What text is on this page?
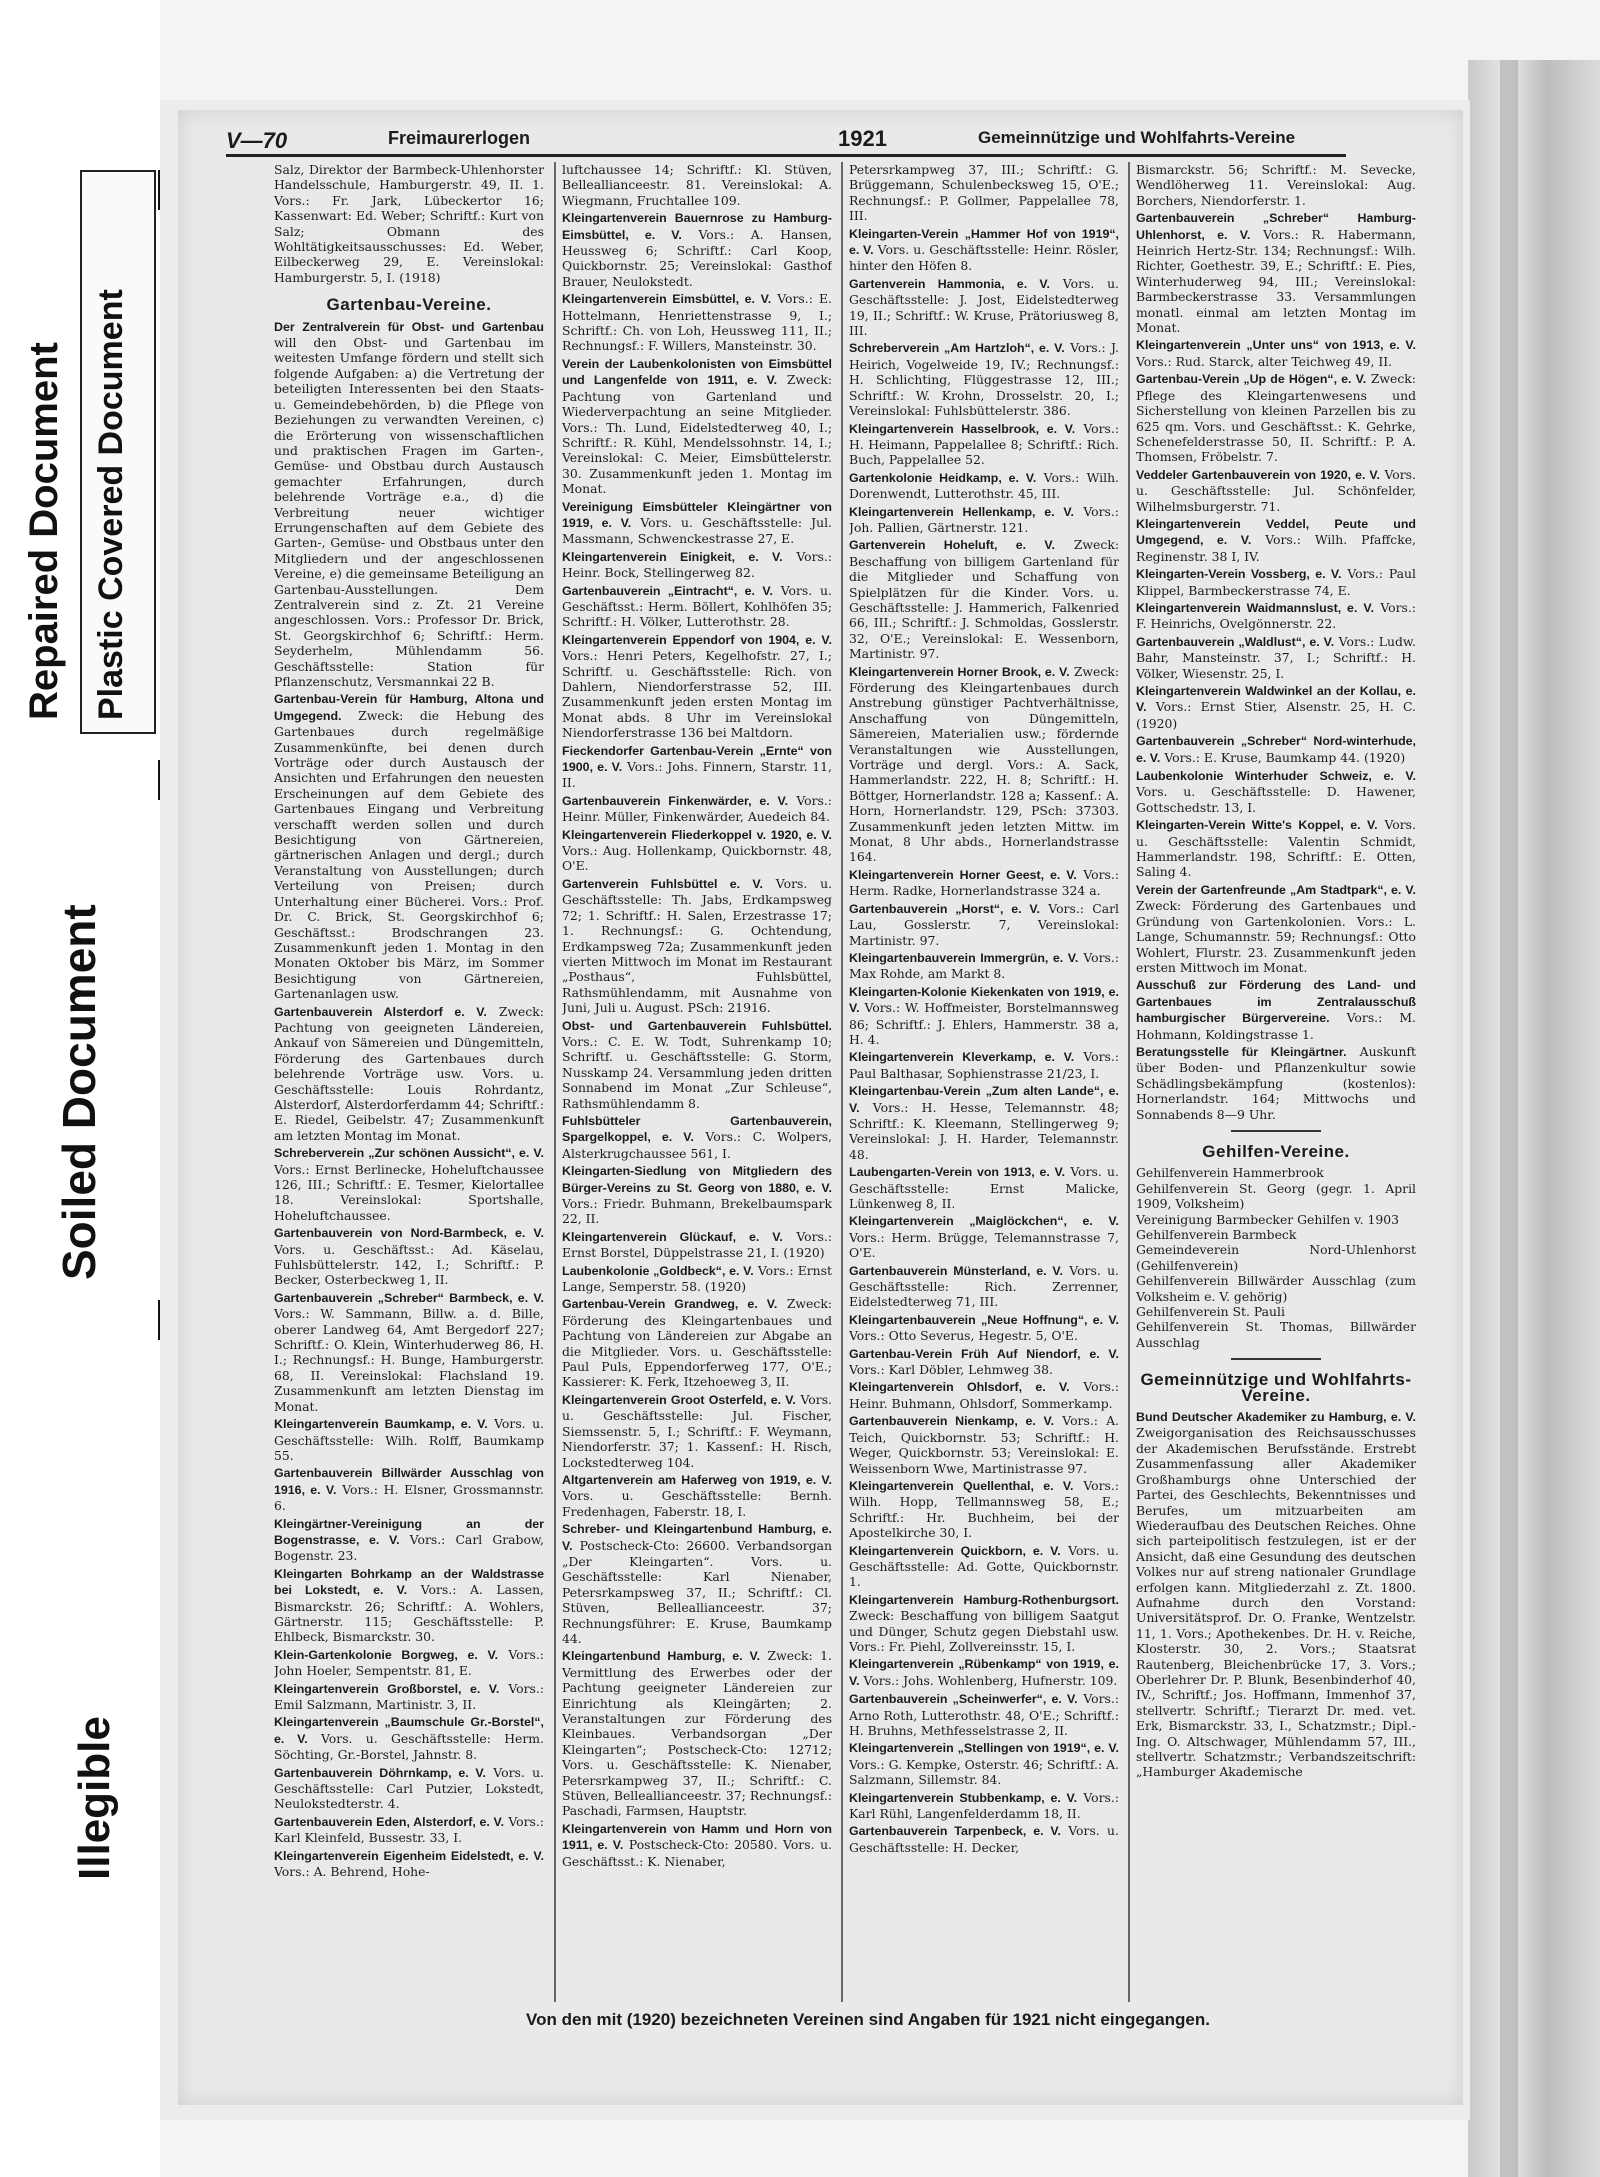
Repaired Document Plastic Covered Document
Soiled Document
Illegible
V—70	Freimaurerlogen	1921	Gemeinnützige und Wohlfahrts-Vereine

Salz, Direktor der Barmbeck-Uhlenhorster Handelsschule, Hamburgerstr. 49, II. 1. Vors.: Fr. Jark, Lübeckertor 16; Kassenwart: Ed. Weber; Schriftf.: Kurt von Salz; Obmann des Wohltätigkeitsausschusses: Ed. Weber, Eilbeckerweg 29, E. Vereinslokal: Hamburgerstr. 5, I. (1918)

Gartenbau-Vereine.

Der Zentralverein für Obst- und Gartenbau will den Obst- und Gartenbau im weitesten Umfange fördern und stellt sich folgende Aufgaben: a) die Vertretung der beteiligten Interessenten bei den Staats- u. Gemeindebehörden, b) die Pflege von Beziehungen zu verwandten Vereinen, c) die Erörterung von wissenschaftlichen und praktischen Fragen im Garten-, Gemüse- und Obstbau durch Austausch gemachter Erfahrungen, durch belehrende Vorträge e.a., d) die Verbreitung neuer wichtiger Errungenschaften auf dem Gebiete des Garten-, Gemüse- und Obstbaus unter den Mitgliedern und der angeschlossenen Vereine, e) die gemeinsame Beteiligung an Gartenbau-Ausstellungen. Dem Zentralverein sind z. Zt. 21 Vereine angeschlossen. Vors.: Professor Dr. Brick, St. Georgskirchhof 6; Schriftf.: Herm. Seyderhelm, Mühlendamm 56. Geschäftsstelle: Station für Pflanzenschutz, Versmannkai 22 B.

Gartenbau-Verein für Hamburg, Altona und Umgegend. Zweck: die Hebung des Gartenbaues durch regelmäßige Zusammenkünfte, bei denen durch Vorträge oder durch Austausch der Ansichten und Erfahrungen den neuesten Erscheinungen auf dem Gebiete des Gartenbaues Eingang und Verbreitung verschafft werden sollen und durch Besichtigung von Gärtnereien, gärtnerischen Anlagen und dergl.; durch Veranstaltung von Ausstellungen; durch Verteilung von Preisen; durch Unterhaltung einer Bücherei. Vors.: Prof. Dr. C. Brick, St. Georgskirchhof 6; Geschäftsst.: Brodschrangen 23. Zusammenkunft jeden 1. Montag in den Monaten Oktober bis März, im Sommer Besichtigung von Gärtnereien, Gartenanlagen usw.

Gartenbauverein Alsterdorf e. V. Zweck: Pachtung von geeigneten Ländereien, Ankauf von Sämereien und Düngemitteln, Förderung des Gartenbaues durch belehrende Vorträge usw. Vors. u. Geschäftsstelle: Louis Rohrdantz, Alsterdorf, Alsterdorferdamm 44; Schriftf.: E. Riedel, Geibelstr. 47; Zusammenkunft am letzten Montag im Monat.

Schreberverein „Zur schönen Aussicht“, e. V. Vors.: Ernst Berlinecke, Hoheluftchaussee 126, III.; Schriftf.: E. Tesmer, Kielortallee 18. Vereinslokal: Sportshalle, Hoheluftchaussee.

Gartenbauverein von Nord-Barmbeck, e. V. Vors. u. Geschäftsst.: Ad. Käselau, Fuhlsbüttelerstr. 142, I.; Schriftf.: P. Becker, Osterbeckweg 1, II.

Gartenbauverein „Schreber“ Barmbeck, e. V. Vors.: W. Sammann, Billw. a. d. Bille, oberer Landweg 64, Amt Bergedorf 227; Schriftf.: O. Klein, Winterhuderweg 86, H. I.; Rechnungsf.: H. Bunge, Hamburgerstr. 68, II. Vereinslokal: Flachsland 19. Zusammenkunft am letzten Dienstag im Monat.

Kleingartenverein Baumkamp, e. V. Vors. u. Geschäftsstelle: Wilh. Rolff, Baumkamp 55.

Gartenbauverein Billwärder Ausschlag von 1916, e. V. Vors.: H. Elsner, Grossmannstr. 6.

Kleingärtner-Vereinigung an der Bogenstrasse, e. V. Vors.: Carl Grabow, Bogenstr. 23.

Kleingarten Bohrkamp an der Waldstrasse bei Lokstedt, e. V. Vors.: A. Lassen, Bismarckstr. 26; Schriftf.: A. Wohlers, Gärtnerstr. 115; Geschäftsstelle: P. Ehlbeck, Bismarckstr. 30.

Klein-Gartenkolonie Borgweg, e. V. Vors.: John Hoeler, Sempentstr. 81, E.

Kleingartenverein Großborstel, e. V. Vors.: Emil Salzmann, Martinistr. 3, II.

Kleingartenverein „Baumschule Gr.-Borstel“, e. V. Vors. u. Geschäftsstelle: Herm. Söchting, Gr.-Borstel, Jahnstr. 8.

Gartenbauverein Döhrnkamp, e. V. Vors. u. Geschäftsstelle: Carl Putzier, Lokstedt, Neulokstedterstr. 4.

Gartenbauverein Eden, Alsterdorf, e. V. Vors.: Karl Kleinfeld, Bussestr. 33, I.

Kleingartenverein Eigenheim Eidelstedt, e. V. Vors.: A. Behrend, Hohe-

luftchaussee 14; Schriftf.: Kl. Stüven, Belleallianceestr. 81. Vereinslokal: A. Wiegmann, Fruchtallee 109.

Kleingartenverein Bauernrose zu Hamburg-Eimsbüttel, e. V. Vors.: A. Hansen, Heussweg 6; Schriftf.: Carl Koop, Quickbornstr. 25; Vereinslokal: Gasthof Brauer, Neulokstedt.

Kleingartenverein Eimsbüttel, e. V. Vors.: E. Hottelmann, Henriettenstrasse 9, I.; Schriftf.: Ch. von Loh, Heussweg 111, II.; Rechnungsf.: F. Willers, Mansteinstr. 30.

Verein der Laubenkolonisten von Eimsbüttel und Langenfelde von 1911, e. V. Zweck: Pachtung von Gartenland und Wiederverpachtung an seine Mitglieder. Vors.: Th. Lund, Eidelstedterweg 40, I.; Schriftf.: R. Kühl, Mendelssohnstr. 14, I.; Vereinslokal: C. Meier, Eimsbüttelerstr. 30. Zusammenkunft jeden 1. Montag im Monat.

Vereinigung Eimsbütteler Kleingärtner von 1919, e. V. Vors. u. Geschäftsstelle: Jul. Massmann, Schwenckestrasse 27, E.

Kleingartenverein Einigkeit, e. V. Vors.: Heinr. Bock, Stellingerweg 82.

Gartenbauverein „Eintracht“, e. V. Vors. u. Geschäftsst.: Herm. Böllert, Kohlhöfen 35; Schriftf.: H. Völker, Lutterothstr. 28.

Kleingartenverein Eppendorf von 1904, e. V. Vors.: Henri Peters, Kegelhofstr. 27, I.; Schriftf. u. Geschäftsstelle: Rich. von Dahlern, Niendorferstrasse 52, III. Zusammenkunft jeden ersten Montag im Monat abds. 8 Uhr im Vereinslokal Niendorferstrasse 136 bei Maltdorn.

Fieckendorfer Gartenbau-Verein „Ernte“ von 1900, e. V. Vors.: Johs. Finnern, Starstr. 11, II.

Gartenbauverein Finkenwärder, e. V. Vors.: Heinr. Müller, Finkenwärder, Auedeich 84.

Kleingartenverein Fliederkoppel v. 1920, e. V. Vors.: Aug. Hollenkamp, Quickbornstr. 48, O'E.

Gartenverein Fuhlsbüttel e. V. Vors. u. Geschäftsstelle: Th. Jabs, Erdkampsweg 72; 1. Schriftf.: H. Salen, Erzestrasse 17; 1. Rechnungsf.: G. Ochtendung, Erdkampsweg 72a; Zusammenkunft jeden vierten Mittwoch im Monat im Restaurant „Posthaus“, Fuhlsbüttel, Rathsmühlendamm, mit Ausnahme von Juni, Juli u. August. PSch: 21916.

Obst- und Gartenbauverein Fuhlsbüttel. Vors.: C. E. W. Todt, Suhrenkamp 10; Schriftf. u. Geschäftsstelle: G. Storm, Nusskamp 24. Versammlung jeden dritten Sonnabend im Monat „Zur Schleuse“, Rathsmühlendamm 8.

Fuhlsbütteler Gartenbauverein, Spargelkoppel, e. V. Vors.: C. Wolpers, Alsterkrugchaussee 561, I.

Kleingarten-Siedlung von Mitgliedern des Bürger-Vereins zu St. Georg von 1880, e. V. Vors.: Friedr. Buhmann, Brekelbaumspark 22, II.

Kleingartenverein Glückauf, e. V. Vors.: Ernst Borstel, Düppelstrasse 21, I. (1920)

Laubenkolonie „Goldbeck“, e. V. Vors.: Ernst Lange, Semperstr. 58. (1920)

Gartenbau-Verein Grandweg, e. V. Zweck: Förderung des Kleingartenbaues und Pachtung von Ländereien zur Abgabe an die Mitglieder. Vors. u. Geschäftsstelle: Paul Puls, Eppendorferweg 177, O'E.; Kassierer: K. Ferk, Itzehoeweg 3, II.

Kleingartenverein Groot Osterfeld, e. V. Vors. u. Geschäftsstelle: Jul. Fischer, Siemssenstr. 5, I.; Schriftf.: F. Weymann, Niendorferstr. 37; 1. Kassenf.: H. Risch, Lockstedterweg 104.

Altgartenverein am Haferweg von 1919, e. V. Vors. u. Geschäftsstelle: Bernh. Fredenhagen, Faberstr. 18, I.

Schreber- und Kleingartenbund Hamburg, e. V. Postscheck-Cto: 26600. Verbandsorgan „Der Kleingarten“. Vors. u. Geschäftsstelle: Karl Nienaber, Petersrkampsweg 37, II.; Schriftf.: Cl. Stüven, Belleallianceestr. 37; Rechnungsführer: E. Kruse, Baumkamp 44.

Kleingartenbund Hamburg, e. V. Zweck: 1. Vermittlung des Erwerbes oder der Pachtung geeigneter Ländereien zur Einrichtung als Kleingärten; 2. Veranstaltungen zur Förderung des Kleinbaues. Verbandsorgan „Der Kleingarten“; Postscheck-Cto: 12712; Vors. u. Geschäftsstelle: K. Nienaber, Petersrkampweg 37, II.; Schriftf.: C. Stüven, Belleallianceestr. 37; Rechnungsf.: Paschadi, Farmsen, Hauptstr.

Kleingartenverein von Hamm und Horn von 1911, e. V. Postscheck-Cto: 20580. Vors. u. Geschäftsst.: K. Nienaber,

Petersrkampweg 37, III.; Schriftf.: G. Brüggemann, Schulenbecksweg 15, O'E.; Rechnungsf.: P. Gollmer, Pappelallee 78, III.

Kleingarten-Verein „Hammer Hof von 1919“, e. V. Vors. u. Geschäftsstelle: Heinr. Rösler, hinter den Höfen 8.

Gartenverein Hammonia, e. V. Vors. u. Geschäftsstelle: J. Jost, Eidelstedterweg 19, II.; Schriftf.: W. Kruse, Prätoriusweg 8, III.

Schreberverein „Am Hartzloh“, e. V. Vors.: J. Heirich, Vogelweide 19, IV.; Rechnungsf.: H. Schlichting, Flüggestrasse 12, III.; Schriftf.: W. Krohn, Drosselstr. 20, I.; Vereinslokal: Fuhlsbüttelerstr. 386.

Kleingartenverein Hasselbrook, e. V. Vors.: H. Heimann, Pappelallee 8; Schriftf.: Rich. Buch, Pappelallee 52.

Gartenkolonie Heidkamp, e. V. Vors.: Wilh. Dorenwendt, Lutterothstr. 45, III.

Kleingartenverein Hellenkamp, e. V. Vors.: Joh. Pallien, Gärtnerstr. 121.

Gartenverein Hoheluft, e. V. Zweck: Beschaffung von billigem Gartenland für die Mitglieder und Schaffung von Spielplätzen für die Kinder. Vors. u. Geschäftsstelle: J. Hammerich, Falkenried 66, III.; Schriftf.: J. Schmoldas, Gosslerstr. 32, O'E.; Vereinslokal: E. Wessenborn, Martinistr. 97.

Kleingartenverein Horner Brook, e. V. Zweck: Förderung des Kleingartenbaues durch Anstrebung günstiger Pachtverhältnisse, Anschaffung von Düngemitteln, Sämereien, Materialien usw.; fördernde Veranstaltungen wie Ausstellungen, Vorträge und dergl. Vors.: A. Sack, Hammerlandstr. 222, H. 8; Schriftf.: H. Böttger, Hornerlandstr. 128 a; Kassenf.: A. Horn, Hornerlandstr. 129, PSch: 37303. Zusammenkunft jeden letzten Mittw. im Monat, 8 Uhr abds., Hornerlandstrasse 164.

Kleingartenverein Horner Geest, e. V. Vors.: Herm. Radke, Hornerlandstrasse 324 a.

Gartenbauverein „Horst“, e. V. Vors.: Carl Lau, Gosslerstr. 7, Vereinslokal: Martinistr. 97.

Kleingartenbauverein Immergrün, e. V. Vors.: Max Rohde, am Markt 8.

Kleingarten-Kolonie Kiekenkaten von 1919, e. V. Vors.: W. Hoffmeister, Borstelmannsweg 86; Schriftf.: J. Ehlers, Hammerstr. 38 a, H. 4.

Kleingartenverein Kleverkamp, e. V. Vors.: Paul Balthasar, Sophienstrasse 21/23, I.

Kleingartenbau-Verein „Zum alten Lande“, e. V. Vors.: H. Hesse, Telemannstr. 48; Schriftf.: K. Kleemann, Stellingerweg 9; Vereinslokal: J. H. Harder, Telemannstr. 48.

Laubengarten-Verein von 1913, e. V. Vors. u. Geschäftsstelle: Ernst Malicke, Lünkenweg 8, II.

Kleingartenverein „Maiglöckchen“, e. V. Vors.: Herm. Brügge, Telemannstrasse 7, O'E.

Gartenbauverein Münsterland, e. V. Vors. u. Geschäftsstelle: Rich. Zerrenner, Eidelstedterweg 71, III.

Kleingartenbauverein „Neue Hoffnung“, e. V. Vors.: Otto Severus, Hegestr. 5, O'E.

Gartenbau-Verein Früh Auf Niendorf, e. V. Vors.: Karl Döbler, Lehmweg 38.

Kleingartenverein Ohlsdorf, e. V. Vors.: Heinr. Buhmann, Ohlsdorf, Sommerkamp.

Gartenbauverein Nienkamp, e. V. Vors.: A. Teich, Quickbornstr. 53; Schriftf.: H. Weger, Quickbornstr. 53; Vereinslokal: E. Weissenborn Wwe, Martinistrasse 97.

Kleingartenverein Quellenthal, e. V. Vors.: Wilh. Hopp, Tellmannsweg 58, E.; Schriftf.: Hr. Buchheim, bei der Apostelkirche 30, I.

Kleingartenverein Quickborn, e. V. Vors. u. Geschäftsstelle: Ad. Gotte, Quickbornstr. 1.

Kleingartenverein Hamburg-Rothenburgsort. Zweck: Beschaffung von billigem Saatgut und Dünger, Schutz gegen Diebstahl usw. Vors.: Fr. Piehl, Zollvereinsstr. 15, I.

Kleingartenverein „Rübenkamp“ von 1919, e. V. Vors.: Johs. Wohlenberg, Hufnerstr. 109.

Gartenbauverein „Scheinwerfer“, e. V. Vors.: Arno Roth, Lutterothstr. 48, O'E.; Schriftf.: H. Bruhns, Methfesselstrasse 2, II.

Kleingartenverein „Stellingen von 1919“, e. V. Vors.: G. Kempke, Osterstr. 46; Schriftf.: A. Salzmann, Sillemstr. 84.

Kleingartenverein Stubbenkamp, e. V. Vors.: Karl Rühl, Langenfelderdamm 18, II.

Gartenbauverein Tarpenbeck, e. V. Vors. u. Geschäftsstelle: H. Decker,

Bismarckstr. 56; Schriftf.: M. Sevecke, Wendlöherweg 11. Vereinslokal: Aug. Borchers, Niendorferstr. 1.

Gartenbauverein „Schreber“ Hamburg-Uhlenhorst, e. V. Vors.: R. Habermann, Heinrich Hertz-Str. 134; Rechnungsf.: Wilh. Richter, Goethestr. 39, E.; Schriftf.: E. Pies, Winterhuderweg 94, III.; Vereinslokal: Barmbeckerstrasse 33. Versammlungen monatl. einmal am letzten Montag im Monat.

Kleingartenverein „Unter uns“ von 1913, e. V. Vors.: Rud. Starck, alter Teichweg 49, II.

Gartenbau-Verein „Up de Högen“, e. V. Zweck: Pflege des Kleingartenwesens und Sicherstellung von kleinen Parzellen bis zu 625 qm. Vors. und Geschäftsst.: K. Gehrke, Schenefelderstrasse 50, II. Schriftf.: P. A. Thomsen, Fröbelstr. 7.

Veddeler Gartenbauverein von 1920, e. V. Vors. u. Geschäftsstelle: Jul. Schönfelder, Wilhelmsburgerstr. 71.

Kleingartenverein Veddel, Peute und Umgegend, e. V. Vors.: Wilh. Pfaffcke, Reginenstr. 38 I, IV.

Kleingarten-Verein Vossberg, e. V. Vors.: Paul Klippel, Barmbeckerstrasse 74, E.

Kleingartenverein Waidmannslust, e. V. Vors.: F. Heinrichs, Ovelgönnerstr. 22.

Gartenbauverein „Waldlust“, e. V. Vors.: Ludw. Bahr, Mansteinstr. 37, I.; Schriftf.: H. Völker, Wiesenstr. 25, I.

Kleingartenverein Waldwinkel an der Kollau, e. V. Vors.: Ernst Stier, Alsenstr. 25, H. C. (1920)

Gartenbauverein „Schreber“ Nord-winterhude, e. V. Vors.: E. Kruse, Baumkamp 44. (1920)

Laubenkolonie Winterhuder Schweiz, e. V. Vors. u. Geschäftsstelle: D. Hawener, Gottschedstr. 13, I.

Kleingarten-Verein Witte's Koppel, e. V. Vors. u. Geschäftsstelle: Valentin Schmidt, Hammerlandstr. 198, Schriftf.: E. Otten, Saling 4.

Verein der Gartenfreunde „Am Stadtpark“, e. V. Zweck: Förderung des Gartenbaues und Gründung von Gartenkolonien. Vors.: L. Lange, Schumannstr. 59; Rechnungsf.: Otto Wohlert, Flurstr. 23. Zusammenkunft jeden ersten Mittwoch im Monat.

Ausschuß zur Förderung des Land- und Gartenbaues im Zentralausschuß hamburgischer Bürgervereine. Vors.: M. Hohmann, Koldingstrasse 1.

Beratungsstelle für Kleingärtner. Auskunft über Boden- und Pflanzenkultur sowie Schädlingsbekämpfung (kostenlos): Hornerlandstr. 164; Mittwochs und Sonnabends 8—9 Uhr.

Gehilfen-Vereine.

Gehilfenverein Hammerbrook

Gehilfenverein St. Georg (gegr. 1. April 1909, Volksheim)

Vereinigung Barmbecker Gehilfen v. 1903

Gehilfenverein Barmbeck

Gemeindeverein Nord-Uhlenhorst (Gehilfenverein)

Gehilfenverein Billwärder Ausschlag (zum Volksheim e. V. gehörig)

Gehilfenverein St. Pauli

Gehilfenverein St. Thomas, Billwärder Ausschlag

Gemeinnützige und Wohlfahrts-Vereine.

Bund Deutscher Akademiker zu Hamburg, e. V. Zweigorganisation des Reichsausschusses der Akademischen Berufsstände. Erstrebt Zusammenfassung aller Akademiker Großhamburgs ohne Unterschied der Partei, des Geschlechts, Bekenntnisses und Berufes, um mitzuarbeiten am Wiederaufbau des Deutschen Reiches. Ohne sich parteipolitisch festzulegen, ist er der Ansicht, daß eine Gesundung des deutschen Volkes nur auf streng nationaler Grundlage erfolgen kann. Mitgliederzahl z. Zt. 1800. Aufnahme durch den Vorstand: Universitätsprof. Dr. O. Franke, Wentzelstr. 11, 1. Vors.; Apothekenbes. Dr. H. v. Reiche, Klosterstr. 30, 2. Vors.; Staatsrat Rautenberg, Bleichenbrücke 17, 3. Vors.; Oberlehrer Dr. P. Blunk, Besenbinderhof 40, IV., Schriftf.; Jos. Hoffmann, Immenhof 37, stellvertr. Schriftf.; Tierarzt Dr. med. vet. Erk, Bismarckstr. 33, I., Schatzmstr.; Dipl.-Ing. O. Altschwager, Mühlendamm 57, III., stellvertr. Schatzmstr.; Verbandszeitschrift: „Hamburger Akademische

Von den mit (1920) bezeichneten Vereinen sind Angaben für 1921 nicht eingegangen.
